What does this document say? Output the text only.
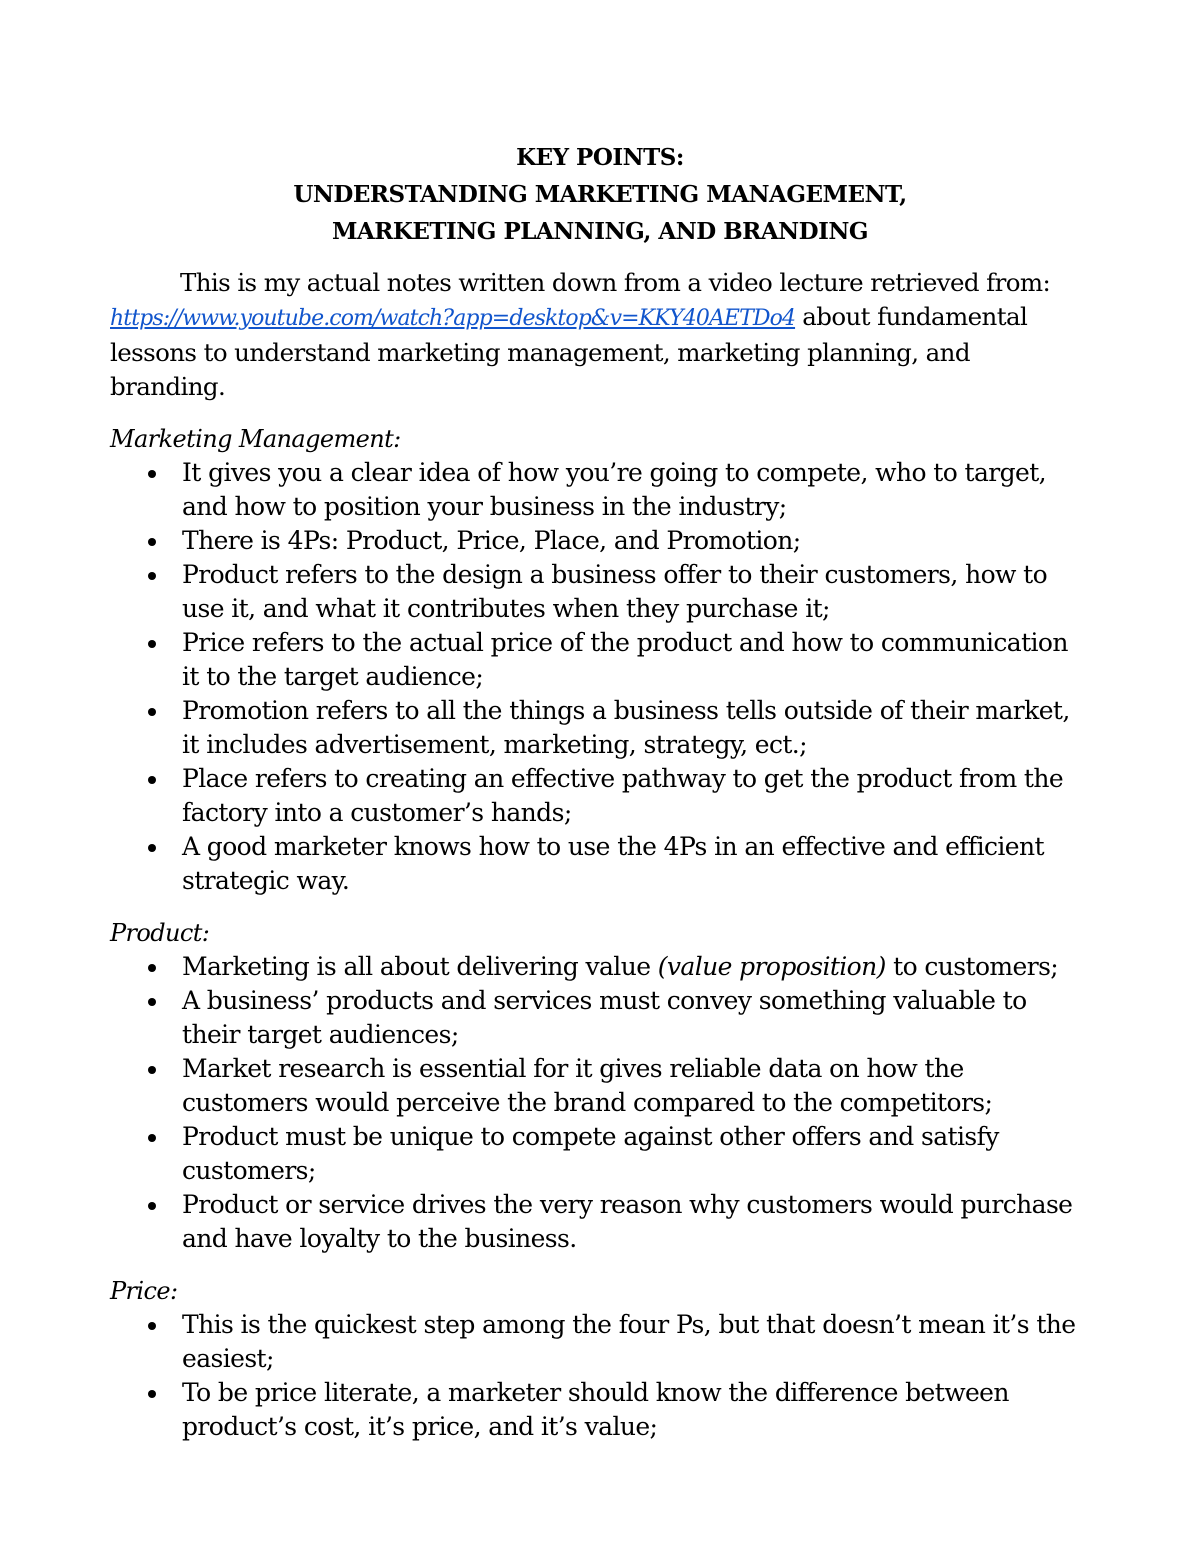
KEY POINTS:
UNDERSTANDING MARKETING MANAGEMENT,
MARKETING PLANNING, AND BRANDING
This is my actual notes written down from a video lecture retrieved from:
https://www.youtube.com/watch?app=desktop&v=KKY40AETDo4 about fundamental lessons to understand marketing management, marketing planning, and branding.
Marketing Management:
It gives you a clear idea of how you’re going to compete, who to target, and how to position your business in the industry;
There is 4Ps: Product, Price, Place, and Promotion;
Product refers to the design a business offer to their customers, how to use it, and what it contributes when they purchase it;
Price refers to the actual price of the product and how to communication it to the target audience;
Promotion refers to all the things a business tells outside of their market, it includes advertisement, marketing, strategy, ect.;
Place refers to creating an effective pathway to get the product from the factory into a customer’s hands;
A good marketer knows how to use the 4Ps in an effective and efficient strategic way.
Product:
Marketing is all about delivering value (value proposition) to customers;
A business’ products and services must convey something valuable to their target audiences;
Market research is essential for it gives reliable data on how the customers would perceive the brand compared to the competitors;
Product must be unique to compete against other offers and satisfy customers;
Product or service drives the very reason why customers would purchase and have loyalty to the business.
Price:
This is the quickest step among the four Ps, but that doesn’t mean it’s the easiest;
To be price literate, a marketer should know the difference between product’s cost, it’s price, and it’s value;
